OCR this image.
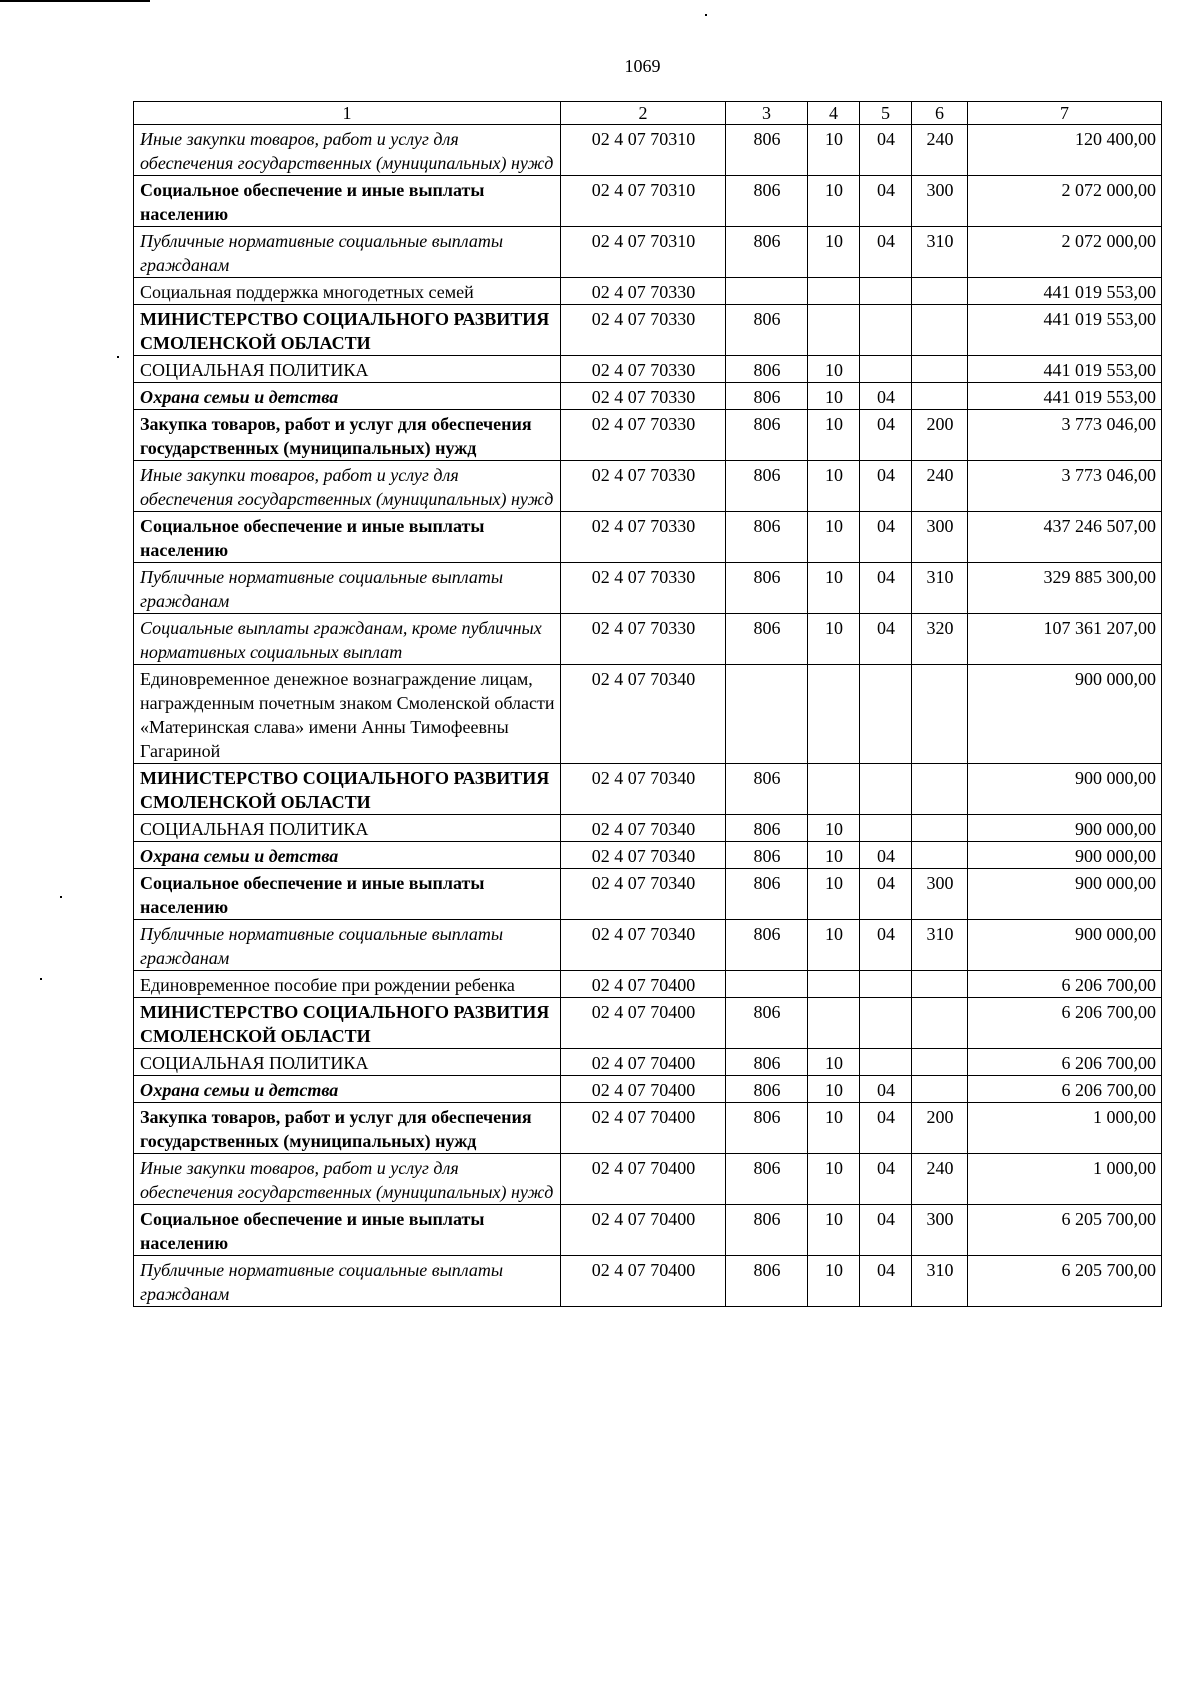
1069
1	2	3	4	5	6	7
Иные закупки товаров, работ и услуг для обеспечения государственных (муниципальных) нужд	02 4 07 70310	806	10	04	240	120 400,00
Социальное обеспечение и иные выплаты населению	02 4 07 70310	806	10	04	300	2 072 000,00
Публичные нормативные социальные выплаты гражданам	02 4 07 70310	806	10	04	310	2 072 000,00
Социальная поддержка многодетных семей	02 4 07 70330					441 019 553,00
МИНИСТЕРСТВО СОЦИАЛЬНОГО РАЗВИТИЯ СМОЛЕНСКОЙ ОБЛАСТИ	02 4 07 70330	806				441 019 553,00
СОЦИАЛЬНАЯ ПОЛИТИКА	02 4 07 70330	806	10			441 019 553,00
Охрана семьи и детства	02 4 07 70330	806	10	04		441 019 553,00
Закупка товаров, работ и услуг для обеспечения государственных (муниципальных) нужд	02 4 07 70330	806	10	04	200	3 773 046,00
Иные закупки товаров, работ и услуг для обеспечения государственных (муниципальных) нужд	02 4 07 70330	806	10	04	240	3 773 046,00
Социальное обеспечение и иные выплаты населению	02 4 07 70330	806	10	04	300	437 246 507,00
Публичные нормативные социальные выплаты гражданам	02 4 07 70330	806	10	04	310	329 885 300,00
Социальные выплаты гражданам, кроме публичных нормативных социальных выплат	02 4 07 70330	806	10	04	320	107 361 207,00
Единовременное денежное вознаграждение лицам, награжденным почетным знаком Смоленской области «Материнская слава» имени Анны Тимофеевны Гагариной	02 4 07 70340					900 000,00
МИНИСТЕРСТВО СОЦИАЛЬНОГО РАЗВИТИЯ СМОЛЕНСКОЙ ОБЛАСТИ	02 4 07 70340	806				900 000,00
СОЦИАЛЬНАЯ ПОЛИТИКА	02 4 07 70340	806	10			900 000,00
Охрана семьи и детства	02 4 07 70340	806	10	04		900 000,00
Социальное обеспечение и иные выплаты населению	02 4 07 70340	806	10	04	300	900 000,00
Публичные нормативные социальные выплаты гражданам	02 4 07 70340	806	10	04	310	900 000,00
Единовременное пособие при рождении ребенка	02 4 07 70400					6 206 700,00
МИНИСТЕРСТВО СОЦИАЛЬНОГО РАЗВИТИЯ СМОЛЕНСКОЙ ОБЛАСТИ	02 4 07 70400	806				6 206 700,00
СОЦИАЛЬНАЯ ПОЛИТИКА	02 4 07 70400	806	10			6 206 700,00
Охрана семьи и детства	02 4 07 70400	806	10	04		6 206 700,00
Закупка товаров, работ и услуг для обеспечения государственных (муниципальных) нужд	02 4 07 70400	806	10	04	200	1 000,00
Иные закупки товаров, работ и услуг для обеспечения государственных (муниципальных) нужд	02 4 07 70400	806	10	04	240	1 000,00
Социальное обеспечение и иные выплаты населению	02 4 07 70400	806	10	04	300	6 205 700,00
Публичные нормативные социальные выплаты гражданам	02 4 07 70400	806	10	04	310	6 205 700,00
